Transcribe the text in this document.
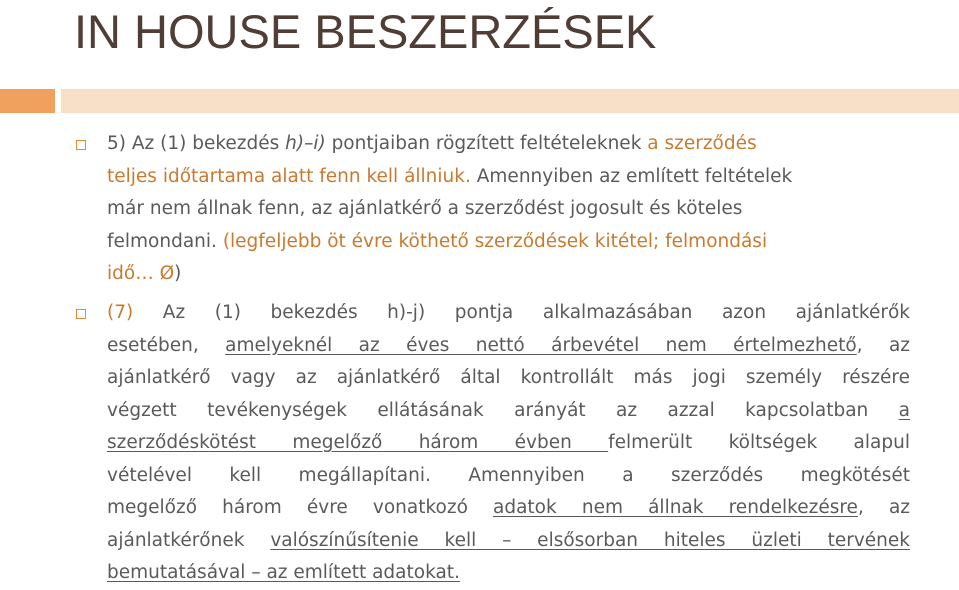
IN HOUSE BESZERZÉSEK
5) Az (1) bekezdés h)–i) pontjaiban rögzített feltételeknek a szerződés
teljes időtartama alatt fenn kell állniuk. Amennyiben az említett feltételek
már nem állnak fenn, az ajánlatkérő a szerződést jogosult és köteles
felmondani. (legfeljebb öt évre köthető szerződések kitétel; felmondási
idő… Ø)
(7) Az (1) bekezdés h)-j) pontja alkalmazásában azon ajánlatkérők
esetében, amelyeknél az éves nettó árbevétel nem értelmezhető, az
ajánlatkérő vagy az ajánlatkérő által kontrollált más jogi személy részére
végzett tevékenységek ellátásának arányát az azzal kapcsolatban a
szerződéskötést megelőző három évben felmerült költségek alapul
vételével kell megállapítani. Amennyiben a szerződés megkötését
megelőző három évre vonatkozó adatok nem állnak rendelkezésre, az
ajánlatkérőnek valószínűsítenie kell – elsősorban hiteles üzleti tervének
bemutatásával – az említett adatokat.
